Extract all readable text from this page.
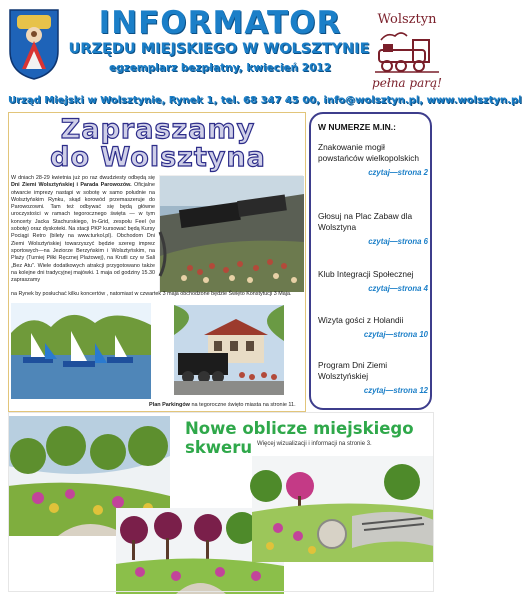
INFORMATOR
URZĘDU MIEJSKIEGO W WOLSZTYNIE
egzemplarz bezpłatny, kwiecień 2012
Wolsztyn
pełna parą!
Urząd Miejski w Wolsztynie, Rynek 1, tel. 68 347 45 00, info@wolsztyn.pl, www.wolsztyn.pl
Zapraszamy
do Wolsztyna
W dniach 28-29 kwietnia już po raz dwudziesty odbędą się Dni Ziemi Wolsztyńskiej i Parada Parowozów. Oficjalne otwarcie imprezy nastąpi w sobotę w samo południe na Wolsztyńskim Rynku, skąd korowód przemaszeruje do Parowozowni. Tam też odbywać się będą główne uroczystości w ramach tegorocznego święta — w tym koncerty Jacka Stachurskiego, In-Grid, zespołu Feel (w sobotę) oraz dyskoteki. Na stacji PKP kursować będą Kursy Pociągi Retro (bilety na www.turkol.pl). Obchodom Dni Ziemi Wolsztyńskiej towarzyszyć będzie szereg imprez sportowych—na Jeziorze Berzyńskim i Wolsztyńskim, na Plaży (Turniej Piłki Ręcznej Plażowej), na Krutli czy w Sali „Bez Atu”. Wiele dodatkowych atrakcji przygotowano także na kolejne dni tradycyjnej majówki. 1 maja od godziny 15.30 zapraszamy
na Rynek by posłuchać kilku koncertów , natomiast w czwartek 3 maja obchodzone będzie Święto Konstytucji 3 Maja.
Plan Parkingów na tegoroczne święto miasta na stronie 11.
W NUMERZE M.IN.:
Znakowanie mogił powstańców wielkopolskich
czytaj—strona 2
Głosuj na Plac Zabaw dla Wolsztyna
czytaj—strona 6
Klub Integracji Społecznej
czytaj—strona 4
Wizyta gości z Holandii
czytaj—strona 10
Program Dni Ziemi Wolsztyńskiej
czytaj—strona 12
Nowe oblicze miejskiego skweru Więcej wizualizacji i informacji na stronie 3.
